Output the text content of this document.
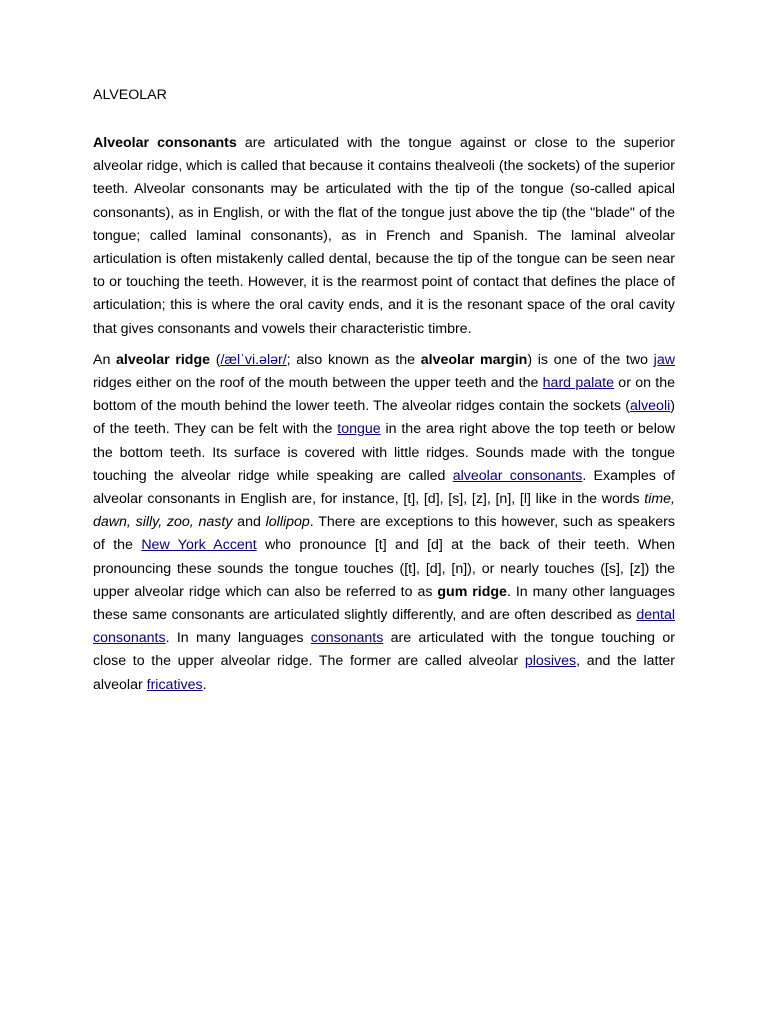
ALVEOLAR

Alveolar consonants are articulated with the tongue against or close to the superior alveolar ridge, which is called that because it contains thealveoli (the sockets) of the superior teeth. Alveolar consonants may be articulated with the tip of the tongue (so-called apical consonants), as in English, or with the flat of the tongue just above the tip (the "blade" of the tongue; called laminal consonants), as in French and Spanish. The laminal alveolar articulation is often mistakenly called dental, because the tip of the tongue can be seen near to or touching the teeth. However, it is the rearmost point of contact that defines the place of articulation; this is where the oral cavity ends, and it is the resonant space of the oral cavity that gives consonants and vowels their characteristic timbre.

An alveolar ridge (/ælˈvi.ələr/; also known as the alveolar margin) is one of the two jaw ridges either on the roof of the mouth between the upper teeth and the hard palate or on the bottom of the mouth behind the lower teeth. The alveolar ridges contain the sockets (alveoli) of the teeth. They can be felt with the tongue in the area right above the top teeth or below the bottom teeth. Its surface is covered with little ridges. Sounds made with the tongue touching the alveolar ridge while speaking are called alveolar consonants. Examples of alveolar consonants in English are, for instance, [t], [d], [s], [z], [n], [l] like in the words time, dawn, silly, zoo, nasty and lollipop. There are exceptions to this however, such as speakers of the New York Accent who pronounce [t] and [d] at the back of their teeth. When pronouncing these sounds the tongue touches ([t], [d], [n]), or nearly touches ([s], [z]) the upper alveolar ridge which can also be referred to as gum ridge. In many other languages these same consonants are articulated slightly differently, and are often described as dental consonants. In many languages consonants are articulated with the tongue touching or close to the upper alveolar ridge. The former are called alveolar plosives, and the latter alveolar fricatives.
